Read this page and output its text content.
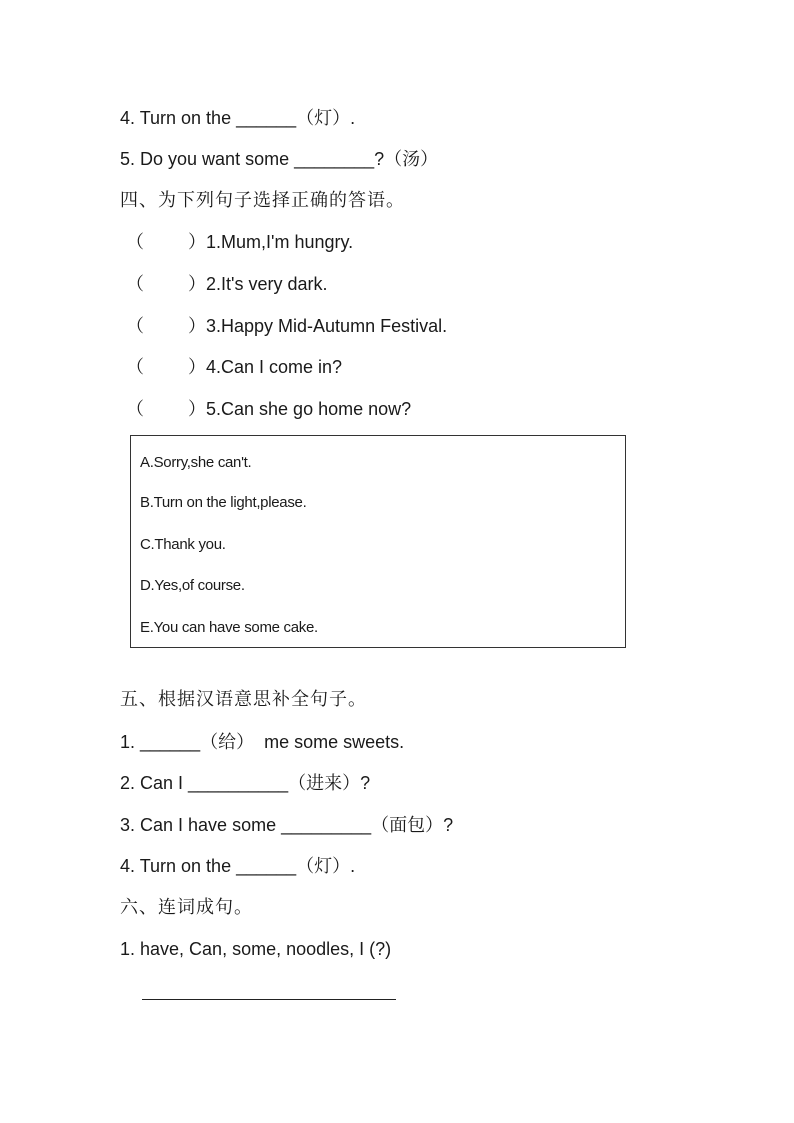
4. Turn on the ______（灯）.
5. Do you want some ________?（汤）
四、为下列句子选择正确的答语。
（ ）1.Mum,I'm hungry.
（ ）2.It's very dark.
（ ）3.Happy Mid-Autumn Festival.
（ ）4.Can I come in?
（ ）5.Can she go home now?
A.Sorry,she can't.
B.Turn on the light,please.
C.Thank you.
D.Yes,of course.
E.You can have some cake.
五、根据汉语意思补全句子。
1. ______（给）  me some sweets.
2. Can I __________（进来）?
3. Can I have some _________（面包）?
4. Turn on the ______（灯）.
六、连词成句。
1. have, Can, some, noodles, I (?)
